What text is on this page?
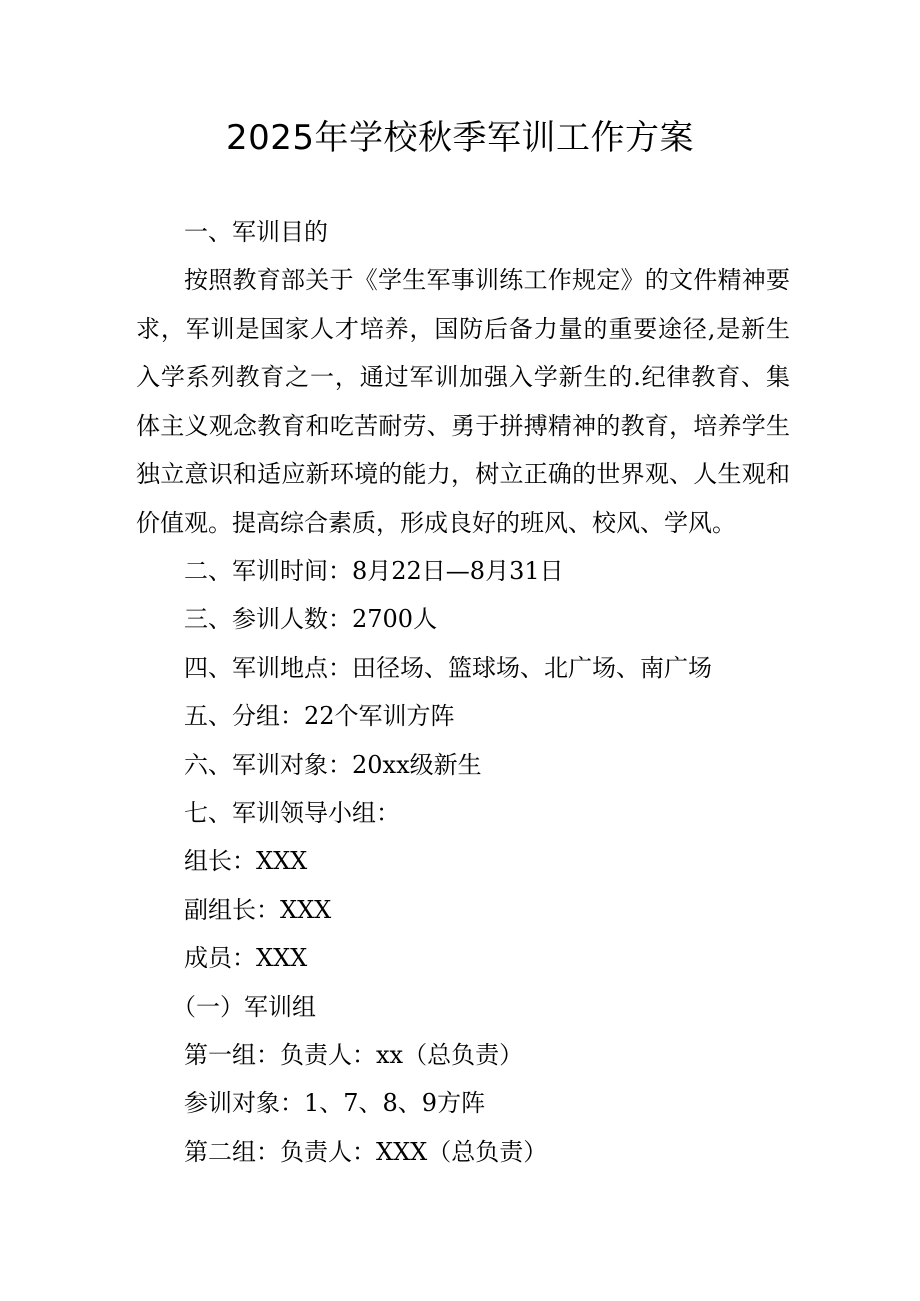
2025年学校秋季军训工作方案
一、军训目的
按照教育部关于《学生军事训练工作规定》的文件精神要
求，军训是国家人才培养，国防后备力量的重要途径,是新生
入学系列教育之一，通过军训加强入学新生的.纪律教育、集
体主义观念教育和吃苦耐劳、勇于拼搏精神的教育，培养学生
独立意识和适应新环境的能力，树立正确的世界观、人生观和
价值观。提高综合素质，形成良好的班风、校风、学风。
二、军训时间：8月22日—8月31日
三、参训人数：2700人
四、军训地点：田径场、篮球场、北广场、南广场
五、分组：22个军训方阵
六、军训对象：20xx级新生
七、军训领导小组：
组长：XXX
副组长：XXX
成员：XXX
（一）军训组
第一组：负责人：xx（总负责）
参训对象：1、7、8、9方阵
第二组：负责人：XXX（总负责）
